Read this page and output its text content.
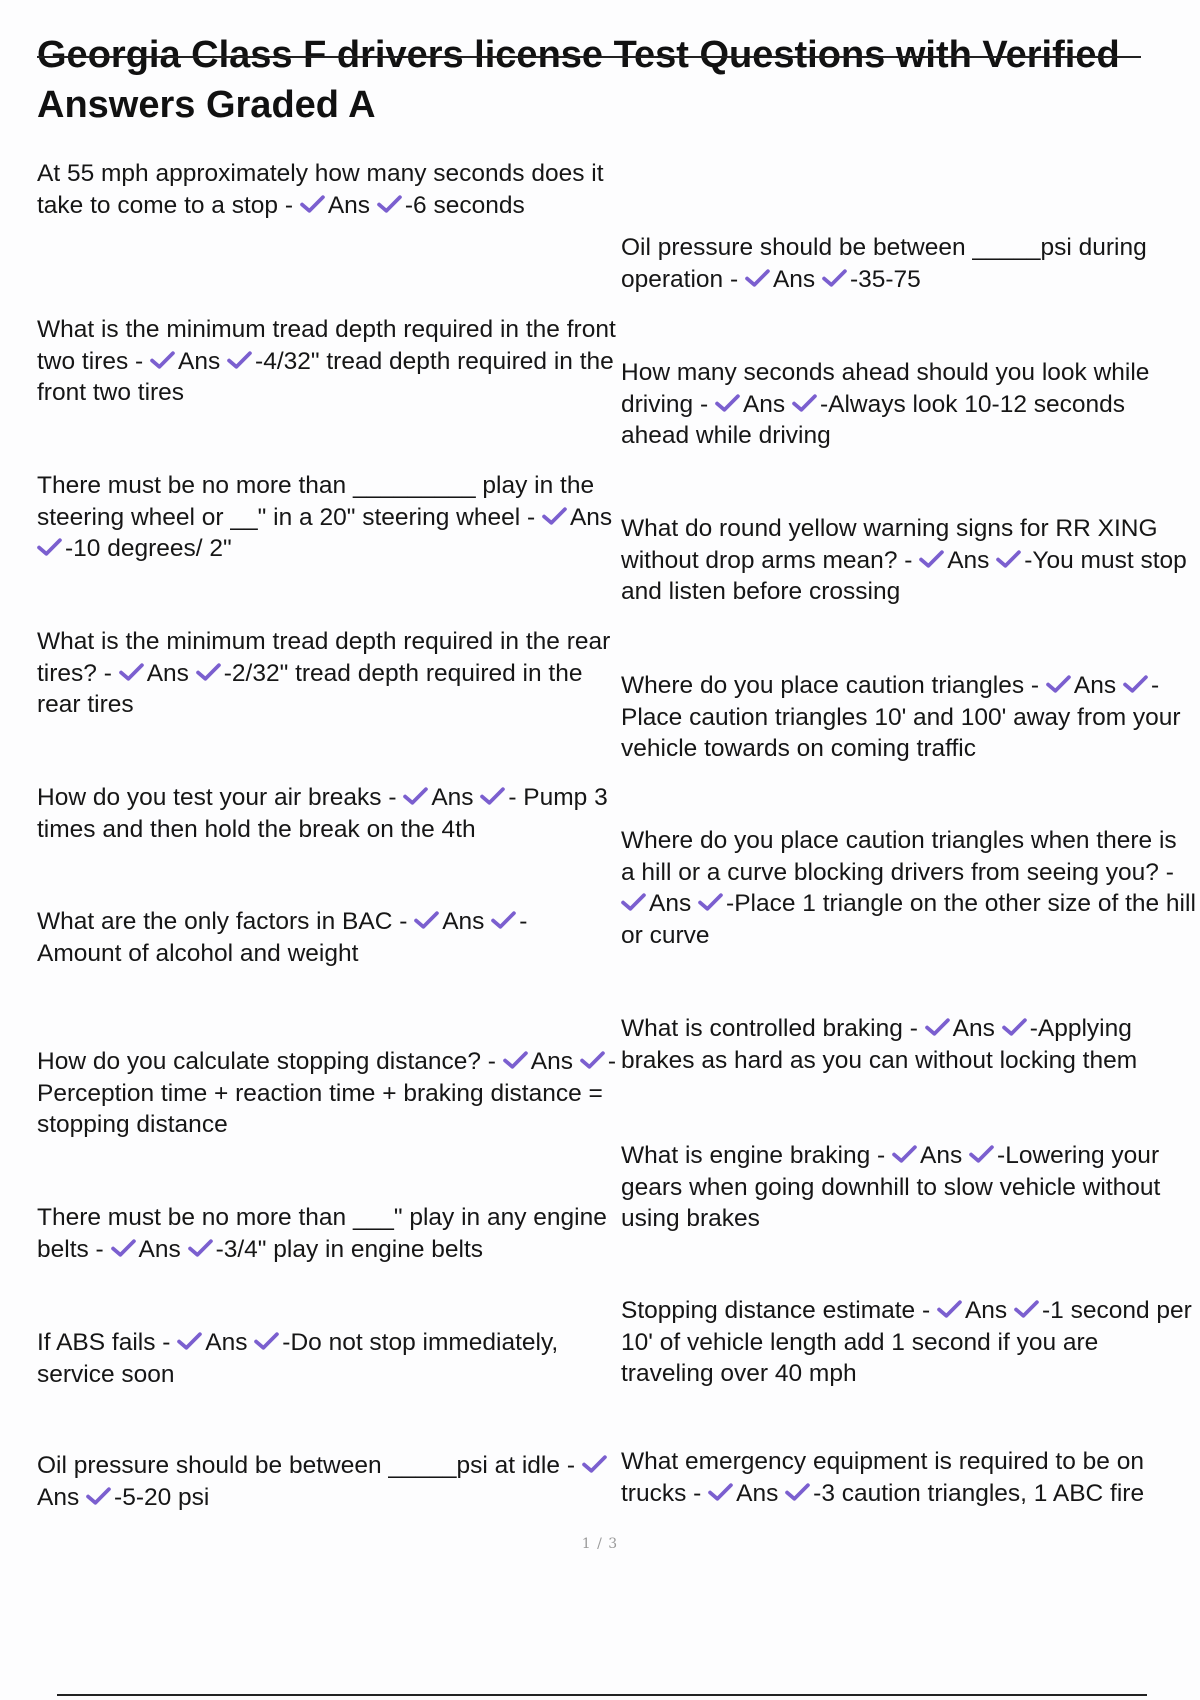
Georgia Class F drivers license Test Questions with Verified Answers Graded A

At 55 mph approximately how many seconds does it take to come to a stop - Ans -6 seconds

What is the minimum tread depth required in the front two tires - Ans -4/32" tread depth required in the front two tires

There must be no more than _________ play in the steering wheel or __" in a 20" steering wheel - Ans -10 degrees/ 2"

What is the minimum tread depth required in the rear tires? - Ans -2/32" tread depth required in the rear tires

How do you test your air breaks - Ans - Pump 3 times and then hold the break on the 4th

What are the only factors in BAC - Ans - Amount of alcohol and weight

How do you calculate stopping distance? - Ans -Perception time + reaction time + braking distance = stopping distance

There must be no more than ___" play in any engine belts - Ans -3/4" play in engine belts

If ABS fails - Ans -Do not stop immediately, service soon

Oil pressure should be between _____psi at idle - Ans -5-20 psi

Oil pressure should be between _____psi during operation - Ans -35-75

How many seconds ahead should you look while driving - Ans -Always look 10-12 seconds ahead while driving

What do round yellow warning signs for RR XING without drop arms mean? - Ans -You must stop and listen before crossing

Where do you place caution triangles - Ans -Place caution triangles 10' and 100' away from your vehicle towards on coming traffic

Where do you place caution triangles when there is a hill or a curve blocking drivers from seeing you? - Ans -Place 1 triangle on the other size of the hill or curve

What is controlled braking - Ans -Applying brakes as hard as you can without locking them

What is engine braking - Ans -Lowering your gears when going downhill to slow vehicle without using brakes

Stopping distance estimate - Ans -1 second per 10' of vehicle length add 1 second if you are traveling over 40 mph

What emergency equipment is required to be on trucks - Ans -3 caution triangles, 1 ABC fire

1 / 3
